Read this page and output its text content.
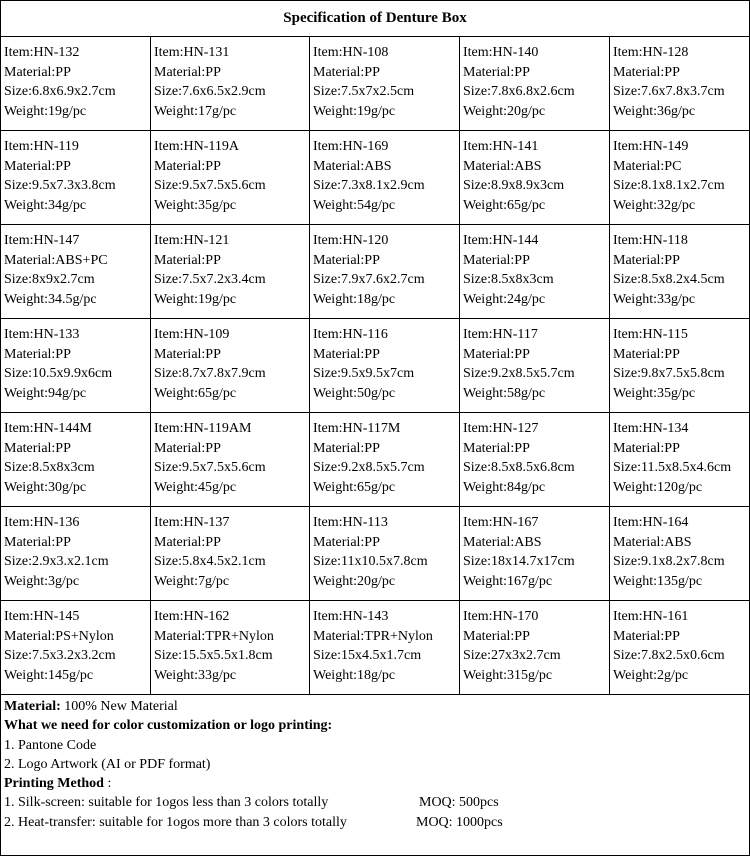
Specification of Denture Box
Item:HN-132
Material:PP
Size:6.8x6.9x2.7cm
Weight:19g/pc	Item:HN-131
Material:PP
Size:7.6x6.5x2.9cm
Weight:17g/pc	Item:HN-108
Material:PP
Size:7.5x7x2.5cm
Weight:19g/pc	Item:HN-140
Material:PP
Size:7.8x6.8x2.6cm
Weight:20g/pc	Item:HN-128
Material:PP
Size:7.6x7.8x3.7cm
Weight:36g/pc

Item:HN-119
Material:PP
Size:9.5x7.3x3.8cm
Weight:34g/pc	Item:HN-119A
Material:PP
Size:9.5x7.5x5.6cm
Weight:35g/pc	Item:HN-169
Material:ABS
Size:7.3x8.1x2.9cm
Weight:54g/pc	Item:HN-141
Material:ABS
Size:8.9x8.9x3cm
Weight:65g/pc	Item:HN-149
Material:PC
Size:8.1x8.1x2.7cm
Weight:32g/pc

Item:HN-147
Material:ABS+PC
Size:8x9x2.7cm
Weight:34.5g/pc	Item:HN-121
Material:PP
Size:7.5x7.2x3.4cm
Weight:19g/pc	Item:HN-120
Material:PP
Size:7.9x7.6x2.7cm
Weight:18g/pc	Item:HN-144
Material:PP
Size:8.5x8x3cm
Weight:24g/pc	Item:HN-118
Material:PP
Size:8.5x8.2x4.5cm
Weight:33g/pc

Item:HN-133
Material:PP
Size:10.5x9.9x6cm
Weight:94g/pc	Item:HN-109
Material:PP
Size:8.7x7.8x7.9cm
Weight:65g/pc	Item:HN-116
Material:PP
Size:9.5x9.5x7cm
Weight:50g/pc	Item:HN-117
Material:PP
Size:9.2x8.5x5.7cm
Weight:58g/pc	Item:HN-115
Material:PP
Size:9.8x7.5x5.8cm
Weight:35g/pc

Item:HN-144M
Material:PP
Size:8.5x8x3cm
Weight:30g/pc	Item:HN-119AM
Material:PP
Size:9.5x7.5x5.6cm
Weight:45g/pc	Item:HN-117M
Material:PP
Size:9.2x8.5x5.7cm
Weight:65g/pc	Item:HN-127
Material:PP
Size:8.5x8.5x6.8cm
Weight:84g/pc	Item:HN-134
Material:PP
Size:11.5x8.5x4.6cm
Weight:120g/pc

Item:HN-136
Material:PP
Size:2.9x3.x2.1cm
Weight:3g/pc	Item:HN-137
Material:PP
Size:5.8x4.5x2.1cm
Weight:7g/pc	Item:HN-113
Material:PP
Size:11x10.5x7.8cm
Weight:20g/pc	Item:HN-167
Material:ABS
Size:18x14.7x17cm
Weight:167g/pc	Item:HN-164
Material:ABS
Size:9.1x8.2x7.8cm
Weight:135g/pc

Item:HN-145
Material:PS+Nylon
Size:7.5x3.2x3.2cm
Weight:145g/pc	Item:HN-162
Material:TPR+Nylon
Size:15.5x5.5x1.8cm
Weight:33g/pc	Item:HN-143
Material:TPR+Nylon
Size:15x4.5x1.7cm
Weight:18g/pc	Item:HN-170
Material:PP
Size:27x3x2.7cm
Weight:315g/pc	Item:HN-161
Material:PP
Size:7.8x2.5x0.6cm
Weight:2g/pc
Material: 100% New Material
What we need for color customization or logo printing:
1. Pantone Code
2. Logo Artwork (AI or PDF format)
Printing Method :
1. Silk-screen: suitable for 1ogos less than 3 colors totally	MOQ: 500pcs
2. Heat-transfer: suitable for 1ogos more than 3 colors totally	MOQ: 1000pcs
